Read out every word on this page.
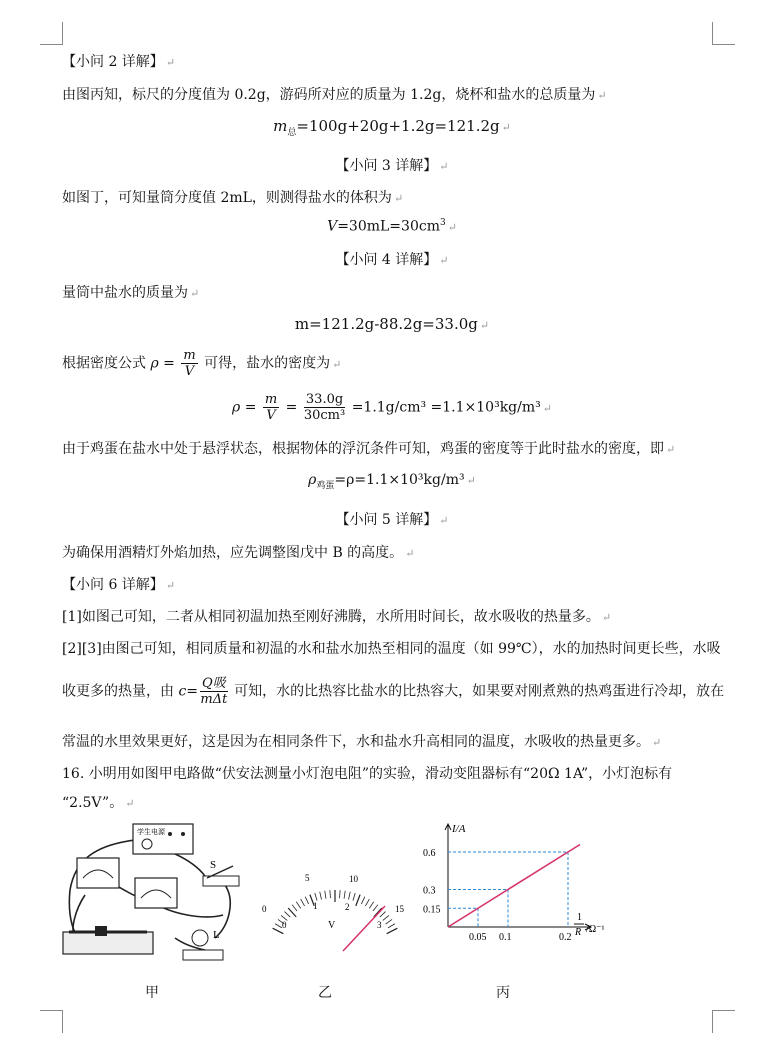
【小问 2 详解】 ↵
由图丙知，标尺的分度值为 0.2g，游码所对应的质量为 1.2g，烧杯和盐水的总质量为 ↵
$m_总=100g+20g+1.2g=121.2g$ ↵
【小问 3 详解】 ↵
如图丁，可知量筒分度值 2mL，则测得盐水的体积为 ↵
$V=30mL=30cm^3$ ↵
【小问 4 详解】 ↵
量筒中盐水的质量为 ↵
m=121.2g-88.2g=33.0g ↵
根据密度公式 $\rho = \frac{m}{V}$ 可得，盐水的密度为 ↵
$\rho = \frac{m}{V} = \frac{33.0g}{\text{30cm³}} =1.1g/cm^3 =1.1\times 10^3kg/m^3$ ↵
由于鸡蛋在盐水中处于悬浮状态，根据物体的浮沉条件可知，鸡蛋的密度等于此时盐水的密度，即 ↵
$\rho_{鸡蛋}=\rho=1.1\times 10^3kg/m^3$ ↵
【小问 5 详解】 ↵
为确保用酒精灯外焰加热，应先调整图戊中 B 的高度。 ↵
【小问 6 详解】 ↵
[1]如图己可知，二者从相同初温加热至刚好沸腾，水所用时间长，故水吸收的热量多。 ↵
[2][3]由图己可知，相同质量和初温的水和盐水加热至相同的温度（如 99℃），水的加热时间更长些，水吸
收更多的热量，由 $c= \frac{\text{Q吸}}{\text{mΔt}}$ 可知，水的比热容比盐水的比热容大，如果要对刚煮熟的热鸡蛋进行冷却，放在
常温的水里效果更好，这是因为在相同条件下，水和盐水升高相同的温度，水吸收的热量更多。 ↵
16. 小明用如图甲电路做“伏安法测量小灯泡电阻”的实验，滑动变阻器标有“20Ω 1A”，小灯泡标有
“2.5V”。 ↵
学生电源
S
L
甲
0
5	10
15
0
1	2
3
V
乙
I/A
1
R /Ω⁻¹
0.05 0.1	0.2
0.15
0.3
0.6
丙
